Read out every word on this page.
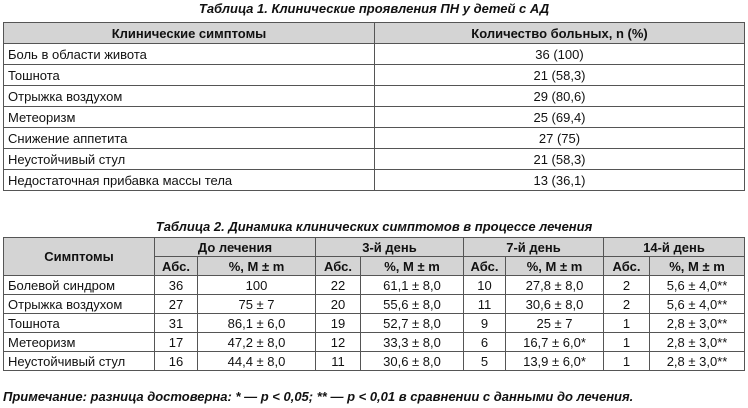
Таблица 1. Клинические проявления ПН у детей с АД
Клинические симптомы	Количество больных, n (%)
Боль в области живота	36 (100)
Тошнота	21 (58,3)
Отрыжка воздухом	29 (80,6)
Метеоризм	25 (69,4)
Снижение аппетита	27 (75)
Неустойчивый стул	21 (58,3)
Недостаточная прибавка массы тела	13 (36,1)
Таблица 2. Динамика клинических симптомов в процессе лечения
Симптомы	До лечения		3-й день		7-й день		14-й день	
	Абс.	%, M ± m	Абс.	%, M ± m	Абс.	%, M ± m	Абс.	%, M ± m
Болевой синдром	36	100	22	61,1 ± 8,0	10	27,8 ± 8,0	2	5,6 ± 4,0**
Отрыжка воздухом	27	75 ± 7	20	55,6 ± 8,0	11	30,6 ± 8,0	2	5,6 ± 4,0**
Тошнота	31	86,1 ± 6,0	19	52,7 ± 8,0	9	25 ± 7	1	2,8 ± 3,0**
Метеоризм	17	47,2 ± 8,0	12	33,3 ± 8,0	6	16,7 ± 6,0*	1	2,8 ± 3,0**
Неустойчивый стул	16	44,4 ± 8,0	11	30,6 ± 8,0	5	13,9 ± 6,0*	1	2,8 ± 3,0**
Примечание: разница достоверна: * — p < 0,05; ** — p < 0,01 в сравнении с данными до лечения.
